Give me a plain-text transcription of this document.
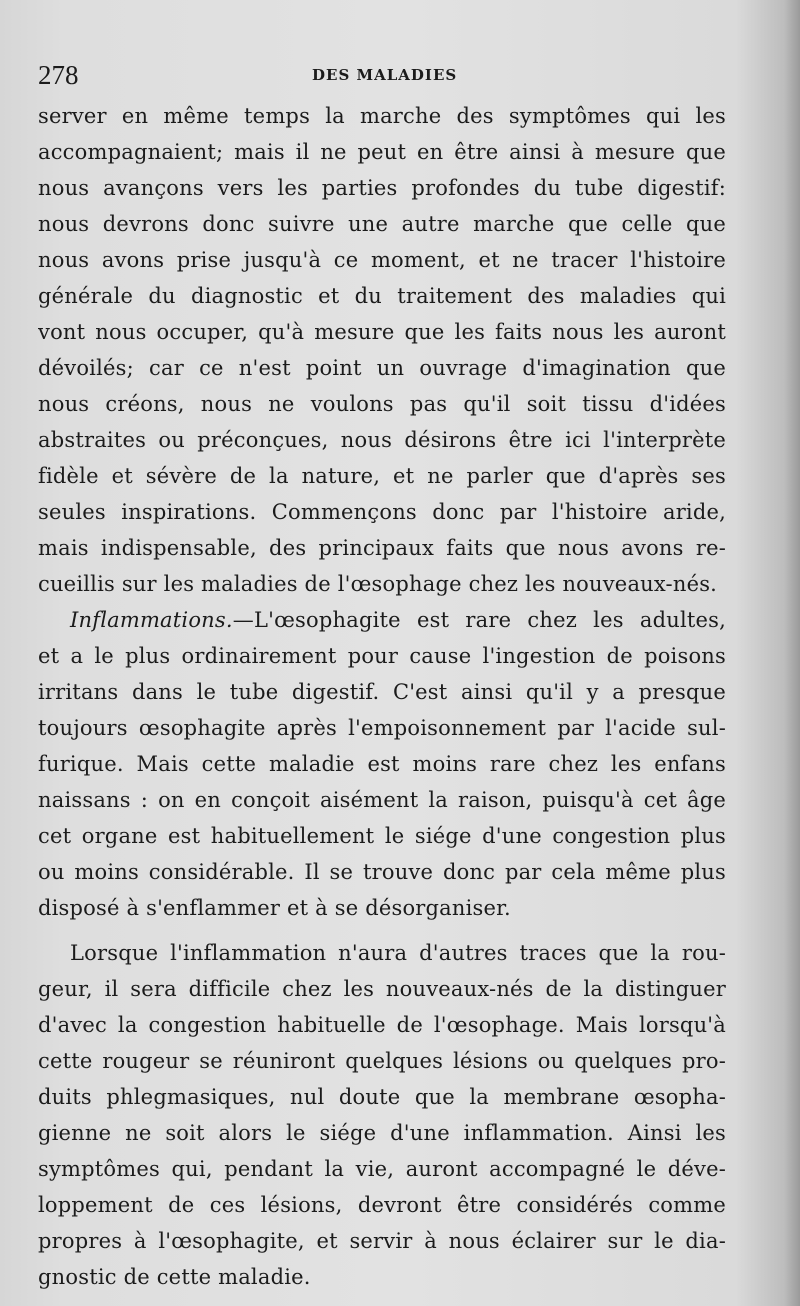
278	DES MALADIES
server en même temps la marche des symptômes qui les
accompagnaient; mais il ne peut en être ainsi à mesure que
nous avançons vers les parties profondes du tube digestif:
nous devrons donc suivre une autre marche que celle que
nous avons prise jusqu'à ce moment, et ne tracer l'histoire
générale du diagnostic et du traitement des maladies qui
vont nous occuper, qu'à mesure que les faits nous les auront
dévoilés; car ce n'est point un ouvrage d'imagination que
nous créons, nous ne voulons pas qu'il soit tissu d'idées
abstraites ou préconçues, nous désirons être ici l'interprète
fidèle et sévère de la nature, et ne parler que d'après ses
seules inspirations. Commençons donc par l'histoire aride,
mais indispensable, des principaux faits que nous avons re-
cueillis sur les maladies de l'œsophage chez les nouveaux-nés.
Inflammations.—L'œsophagite est rare chez les adultes,
et a le plus ordinairement pour cause l'ingestion de poisons
irritans dans le tube digestif. C'est ainsi qu'il y a presque
toujours œsophagite après l'empoisonnement par l'acide sul-
furique. Mais cette maladie est moins rare chez les enfans
naissans : on en conçoit aisément la raison, puisqu'à cet âge
cet organe est habituellement le siége d'une congestion plus
ou moins considérable. Il se trouve donc par cela même plus
disposé à s'enflammer et à se désorganiser.
Lorsque l'inflammation n'aura d'autres traces que la rou-
geur, il sera difficile chez les nouveaux-nés de la distinguer
d'avec la congestion habituelle de l'œsophage. Mais lorsqu'à
cette rougeur se réuniront quelques lésions ou quelques pro-
duits phlegmasiques, nul doute que la membrane œsopha-
gienne ne soit alors le siége d'une inflammation. Ainsi les
symptômes qui, pendant la vie, auront accompagné le déve-
loppement de ces lésions, devront être considérés comme
propres à l'œsophagite, et servir à nous éclairer sur le dia-
gnostic de cette maladie.
